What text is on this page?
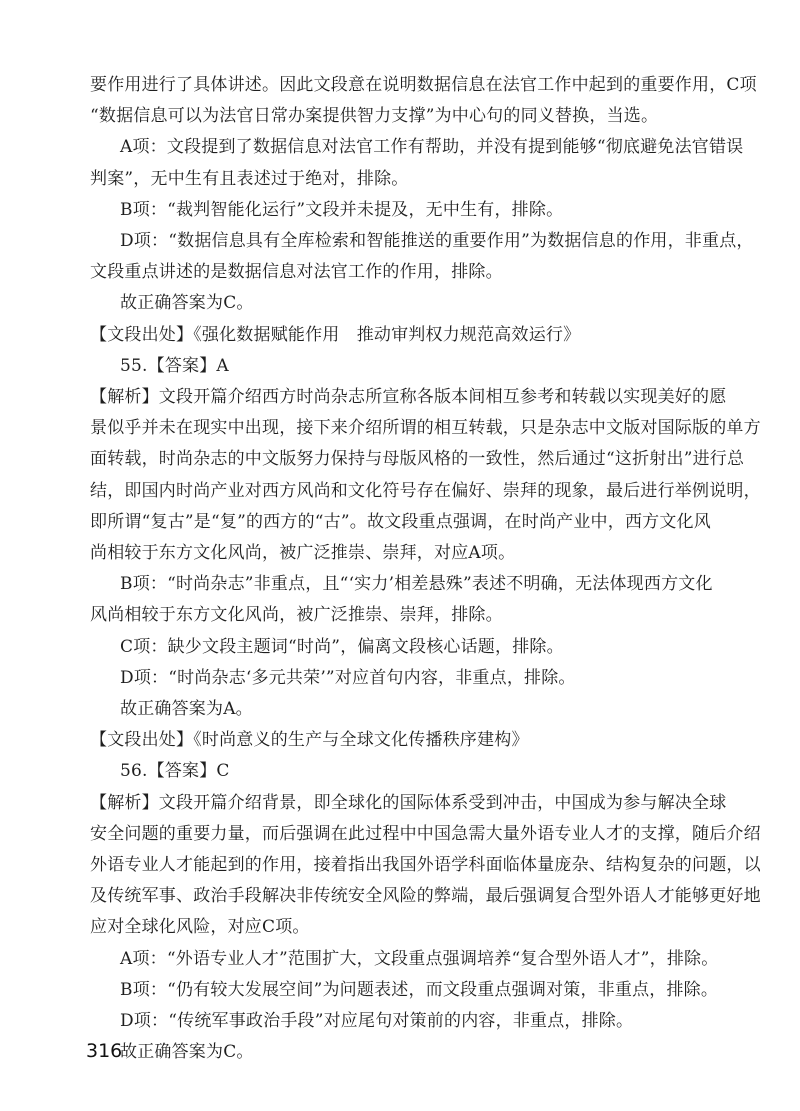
要作用进行了具体讲述。因此文段意在说明数据信息在法官工作中起到的重要作用，C项
“数据信息可以为法官日常办案提供智力支撑”为中心句的同义替换，当选。
A项：文段提到了数据信息对法官工作有帮助，并没有提到能够“彻底避免法官错误
判案”，无中生有且表述过于绝对，排除。
B项：“裁判智能化运行”文段并未提及，无中生有，排除。
D项：“数据信息具有全库检索和智能推送的重要作用”为数据信息的作用，非重点，
文段重点讲述的是数据信息对法官工作的作用，排除。
故正确答案为C。
【文段出处】《强化数据赋能作用　推动审判权力规范高效运行》
55.【答案】A
【解析】文段开篇介绍西方时尚杂志所宣称各版本间相互参考和转载以实现美好的愿
景似乎并未在现实中出现，接下来介绍所谓的相互转载，只是杂志中文版对国际版的单方
面转载，时尚杂志的中文版努力保持与母版风格的一致性，然后通过“这折射出”进行总
结，即国内时尚产业对西方风尚和文化符号存在偏好、崇拜的现象，最后进行举例说明，
即所谓“复古”是“复”的西方的“古”。故文段重点强调，在时尚产业中，西方文化风
尚相较于东方文化风尚，被广泛推崇、崇拜，对应A项。
B项：“时尚杂志”非重点，且“‘实力’相差悬殊”表述不明确，无法体现西方文化
风尚相较于东方文化风尚，被广泛推崇、崇拜，排除。
C项：缺少文段主题词“时尚”，偏离文段核心话题，排除。
D项：“时尚杂志‘多元共荣’”对应首句内容，非重点，排除。
故正确答案为A。
【文段出处】《时尚意义的生产与全球文化传播秩序建构》
56.【答案】C
【解析】文段开篇介绍背景，即全球化的国际体系受到冲击，中国成为参与解决全球
安全问题的重要力量，而后强调在此过程中中国急需大量外语专业人才的支撑，随后介绍
外语专业人才能起到的作用，接着指出我国外语学科面临体量庞杂、结构复杂的问题，以
及传统军事、政治手段解决非传统安全风险的弊端，最后强调复合型外语人才能够更好地
应对全球化风险，对应C项。
A项：“外语专业人才”范围扩大，文段重点强调培养“复合型外语人才”，排除。
B项：“仍有较大发展空间”为问题表述，而文段重点强调对策，非重点，排除。
D项：“传统军事政治手段”对应尾句对策前的内容，非重点，排除。
故正确答案为C。
316
